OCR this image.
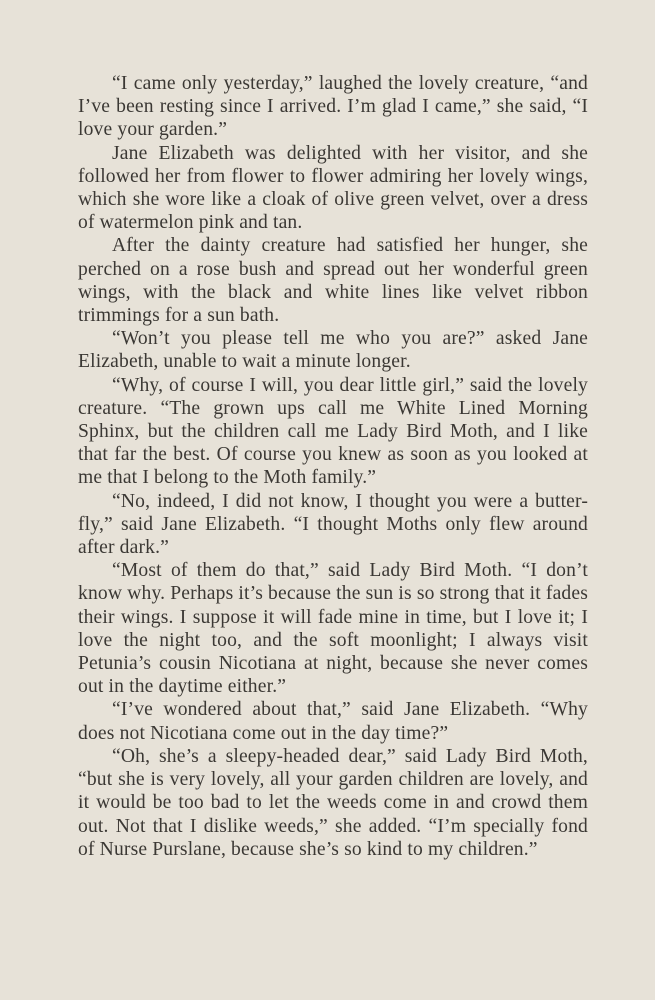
“I came only yesterday,” laughed the lovely creature, “and I’ve been resting since I arrived. I’m glad I came,” she said, “I love your garden.”

Jane Elizabeth was delighted with her visitor, and she followed her from flower to flower admiring her lovely wings, which she wore like a cloak of olive green velvet, over a dress of watermelon pink and tan.

After the dainty creature had satisfied her hunger, she perched on a rose bush and spread out her wonderful green wings, with the black and white lines like velvet ribbon trimmings for a sun bath.

“Won’t you please tell me who you are?” asked Jane Elizabeth, unable to wait a minute longer.

“Why, of course I will, you dear little girl,” said the lovely creature. “The grown ups call me White Lined Morning Sphinx, but the children call me Lady Bird Moth, and I like that far the best. Of course you knew as soon as you looked at me that I belong to the Moth family.”

“No, indeed, I did not know, I thought you were a butter-fly,” said Jane Elizabeth. “I thought Moths only flew around after dark.”

“Most of them do that,” said Lady Bird Moth. “I don’t know why. Perhaps it’s because the sun is so strong that it fades their wings. I suppose it will fade mine in time, but I love it; I love the night too, and the soft moonlight; I always visit Petunia’s cousin Nicotiana at night, because she never comes out in the daytime either.”

“I’ve wondered about that,” said Jane Elizabeth. “Why does not Nicotiana come out in the day time?”

“Oh, she’s a sleepy-headed dear,” said Lady Bird Moth, “but she is very lovely, all your garden children are lovely, and it would be too bad to let the weeds come in and crowd them out. Not that I dislike weeds,” she added. “I’m specially fond of Nurse Purslane, because she’s so kind to my children.”
